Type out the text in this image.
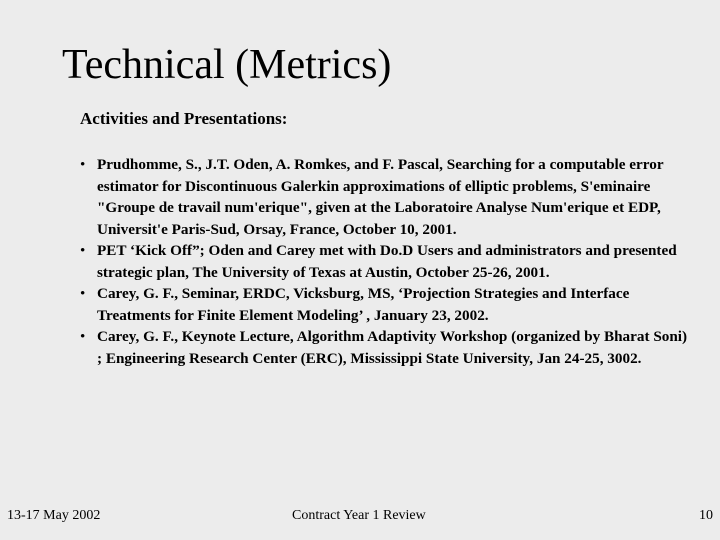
Technical (Metrics)
Activities and Presentations:
• Prudhomme, S., J.T. Oden, A. Romkes, and F. Pascal, Searching for a computable error estimator for Discontinuous Galerkin approximations of elliptic problems, S'eminaire "Groupe de travail num'erique", given at the Laboratoire Analyse Num'erique et EDP, Universit'e Paris-Sud, Orsay, France, October 10, 2001.
• PET ‘Kick Off”; Oden and Carey met with Do.D Users and administrators and presented strategic plan, The University of Texas at Austin, October 25-26, 2001.
• Carey, G. F., Seminar, ERDC, Vicksburg, MS, ‘Projection Strategies and Interface Treatments for Finite Element Modeling’ , January 23, 2002.
• Carey, G. F., Keynote Lecture, Algorithm Adaptivity Workshop (organized by Bharat Soni) ; Engineering Research Center (ERC), Mississippi State University, Jan 24-25, 3002.
13-17 May 2002	Contract Year 1 Review	10
